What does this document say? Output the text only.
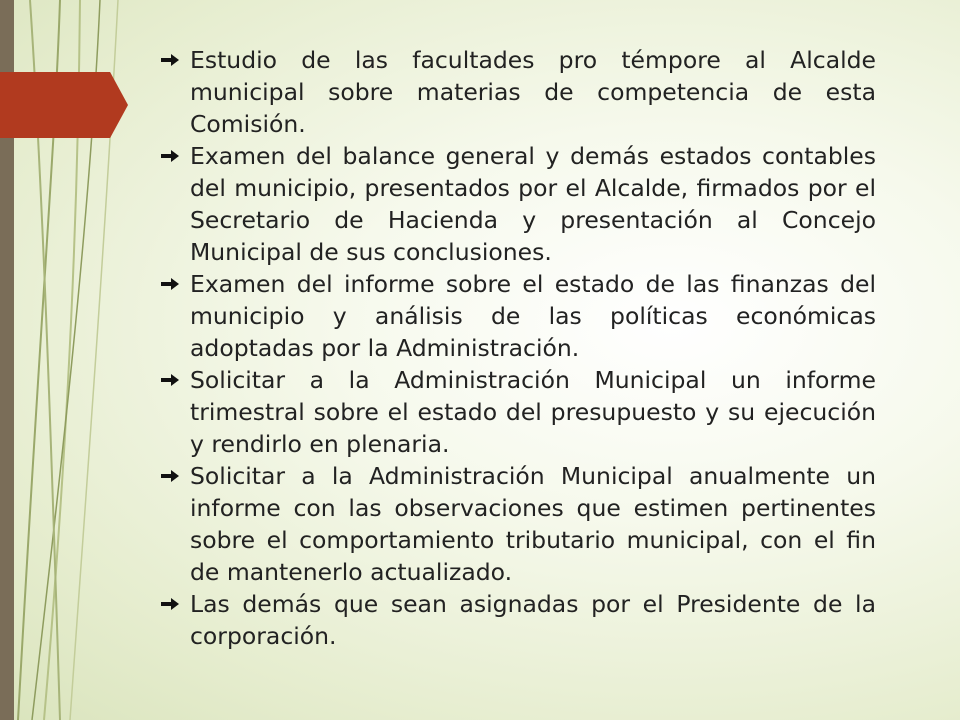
Estudio de las facultades pro témpore al Alcalde municipal sobre materias de competencia de esta Comisión.
Examen del balance general y demás estados contables del municipio, presentados por el Alcalde, firmados por el Secretario de Hacienda y presentación al Concejo Municipal de sus conclusiones.
Examen del informe sobre el estado de las finanzas del municipio y análisis de las políticas económicas adoptadas por la Administración.
Solicitar a la Administración Municipal un informe trimestral sobre el estado del presupuesto y su ejecución y rendirlo en plenaria.
Solicitar a la Administración Municipal anualmente un informe con las observaciones que estimen pertinentes sobre el comportamiento tributario municipal, con el fin de mantenerlo actualizado.
Las demás que sean asignadas por el Presidente de la corporación.
